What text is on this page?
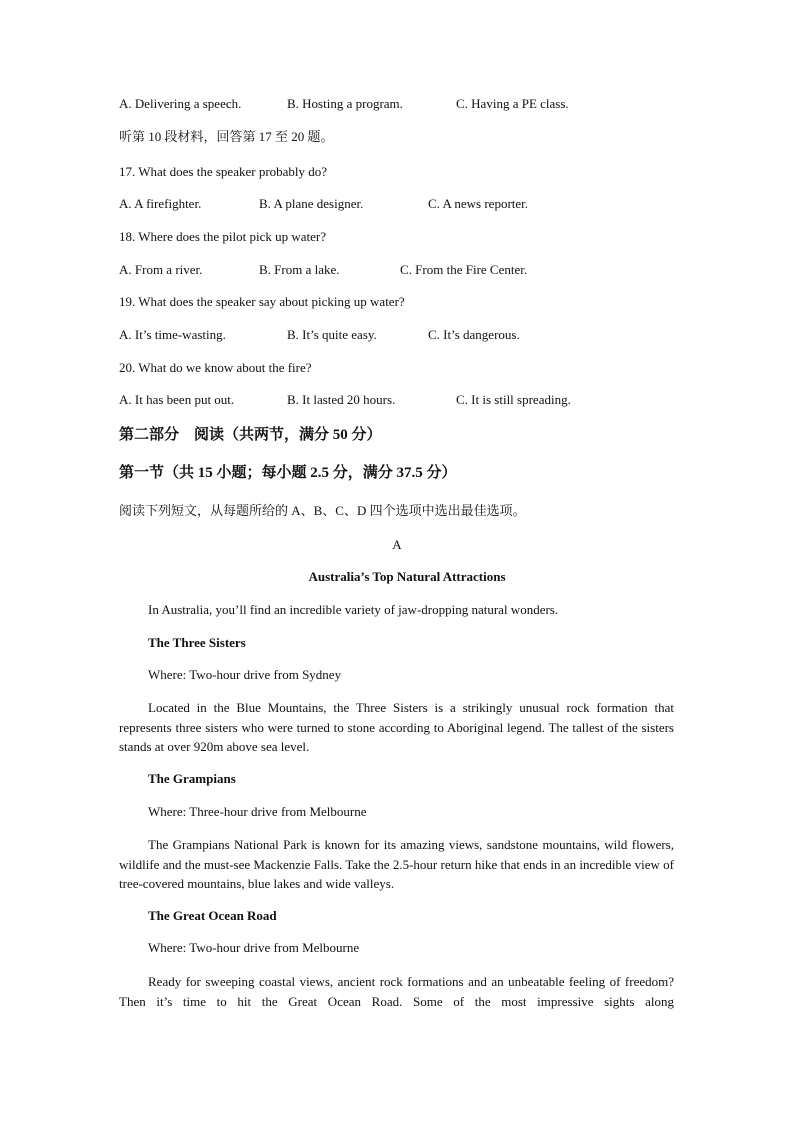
A. Delivering a speech.	B. Hosting a program.	C. Having a PE class.
听第 10 段材料，回答第 17 至 20 题。
17. What does the speaker probably do?
A. A firefighter.	B. A plane designer.	C. A news reporter.
18. Where does the pilot pick up water?
A. From a river.	B. From a lake.	C. From the Fire Center.
19. What does the speaker say about picking up water?
A. It’s time-wasting.	B. It’s quite easy.	C. It’s dangerous.
20. What do we know about the fire?
A. It has been put out.	B. It lasted 20 hours.	C. It is still spreading.
第二部分　阅读（共两节，满分 50 分）
第一节（共 15 小题；每小题 2.5 分，满分 37.5 分）
阅读下列短文，从每题所给的 A、B、C、D 四个选项中选出最佳选项。
A
Australia’s Top Natural Attractions
In Australia, you’ll find an incredible variety of jaw-dropping natural wonders.
The Three Sisters
Where: Two-hour drive from Sydney
Located in the Blue Mountains, the Three Sisters is a strikingly unusual rock formation that represents three sisters who were turned to stone according to Aboriginal legend. The tallest of the sisters stands at over 920m above sea level.
The Grampians
Where: Three-hour drive from Melbourne
The Grampians National Park is known for its amazing views, sandstone mountains, wild flowers, wildlife and the must-see Mackenzie Falls. Take the 2.5-hour return hike that ends in an incredible view of tree-covered mountains, blue lakes and wide valleys.
The Great Ocean Road
Where: Two-hour drive from Melbourne
Ready for sweeping coastal views, ancient rock formations and an unbeatable feeling of freedom? Then it’s time to hit the Great Ocean Road. Some of the most impressive sights along
